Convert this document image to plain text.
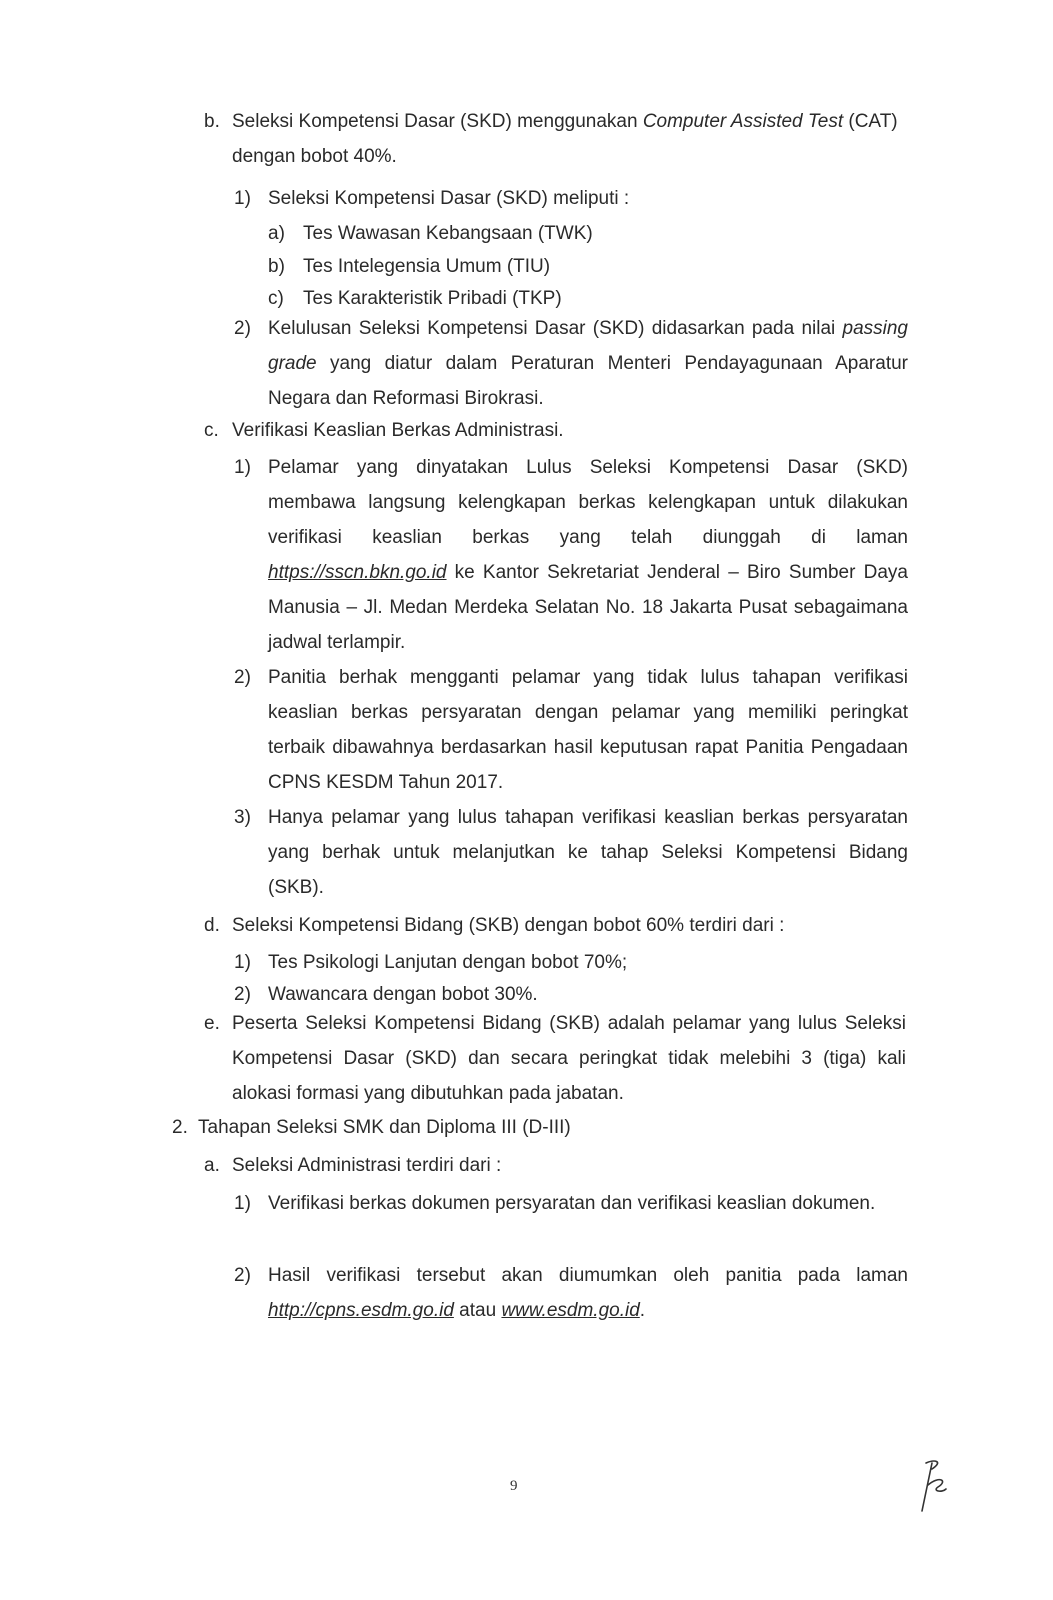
b. Seleksi Kompetensi Dasar (SKD) menggunakan Computer Assisted Test (CAT) dengan bobot 40%.
1) Seleksi Kompetensi Dasar (SKD) meliputi :
a) Tes Wawasan Kebangsaan (TWK)
b) Tes Intelegensia Umum (TIU)
c) Tes Karakteristik Pribadi (TKP)
2) Kelulusan Seleksi Kompetensi Dasar (SKD) didasarkan pada nilai passing grade yang diatur dalam Peraturan Menteri Pendayagunaan Aparatur Negara dan Reformasi Birokrasi.
c. Verifikasi Keaslian Berkas Administrasi.
1) Pelamar yang dinyatakan Lulus Seleksi Kompetensi Dasar (SKD) membawa langsung kelengkapan berkas kelengkapan untuk dilakukan verifikasi keaslian berkas yang telah diunggah di laman https://sscn.bkn.go.id ke Kantor Sekretariat Jenderal – Biro Sumber Daya Manusia – Jl. Medan Merdeka Selatan No. 18 Jakarta Pusat sebagaimana jadwal terlampir.
2) Panitia berhak mengganti pelamar yang tidak lulus tahapan verifikasi keaslian berkas persyaratan dengan pelamar yang memiliki peringkat terbaik dibawahnya berdasarkan hasil keputusan rapat Panitia Pengadaan CPNS KESDM Tahun 2017.
3) Hanya pelamar yang lulus tahapan verifikasi keaslian berkas persyaratan yang berhak untuk melanjutkan ke tahap Seleksi Kompetensi Bidang (SKB).
d. Seleksi Kompetensi Bidang (SKB) dengan bobot 60% terdiri dari :
1) Tes Psikologi Lanjutan dengan bobot 70%;
2) Wawancara dengan bobot 30%.
e. Peserta Seleksi Kompetensi Bidang (SKB) adalah pelamar yang lulus Seleksi Kompetensi Dasar (SKD) dan secara peringkat tidak melebihi 3 (tiga) kali alokasi formasi yang dibutuhkan pada jabatan.
2. Tahapan Seleksi SMK dan Diploma III (D-III)
a. Seleksi Administrasi terdiri dari :
1) Verifikasi berkas dokumen persyaratan dan verifikasi keaslian dokumen.
2) Hasil verifikasi tersebut akan diumumkan oleh panitia pada laman http://cpns.esdm.go.id atau www.esdm.go.id.
9
